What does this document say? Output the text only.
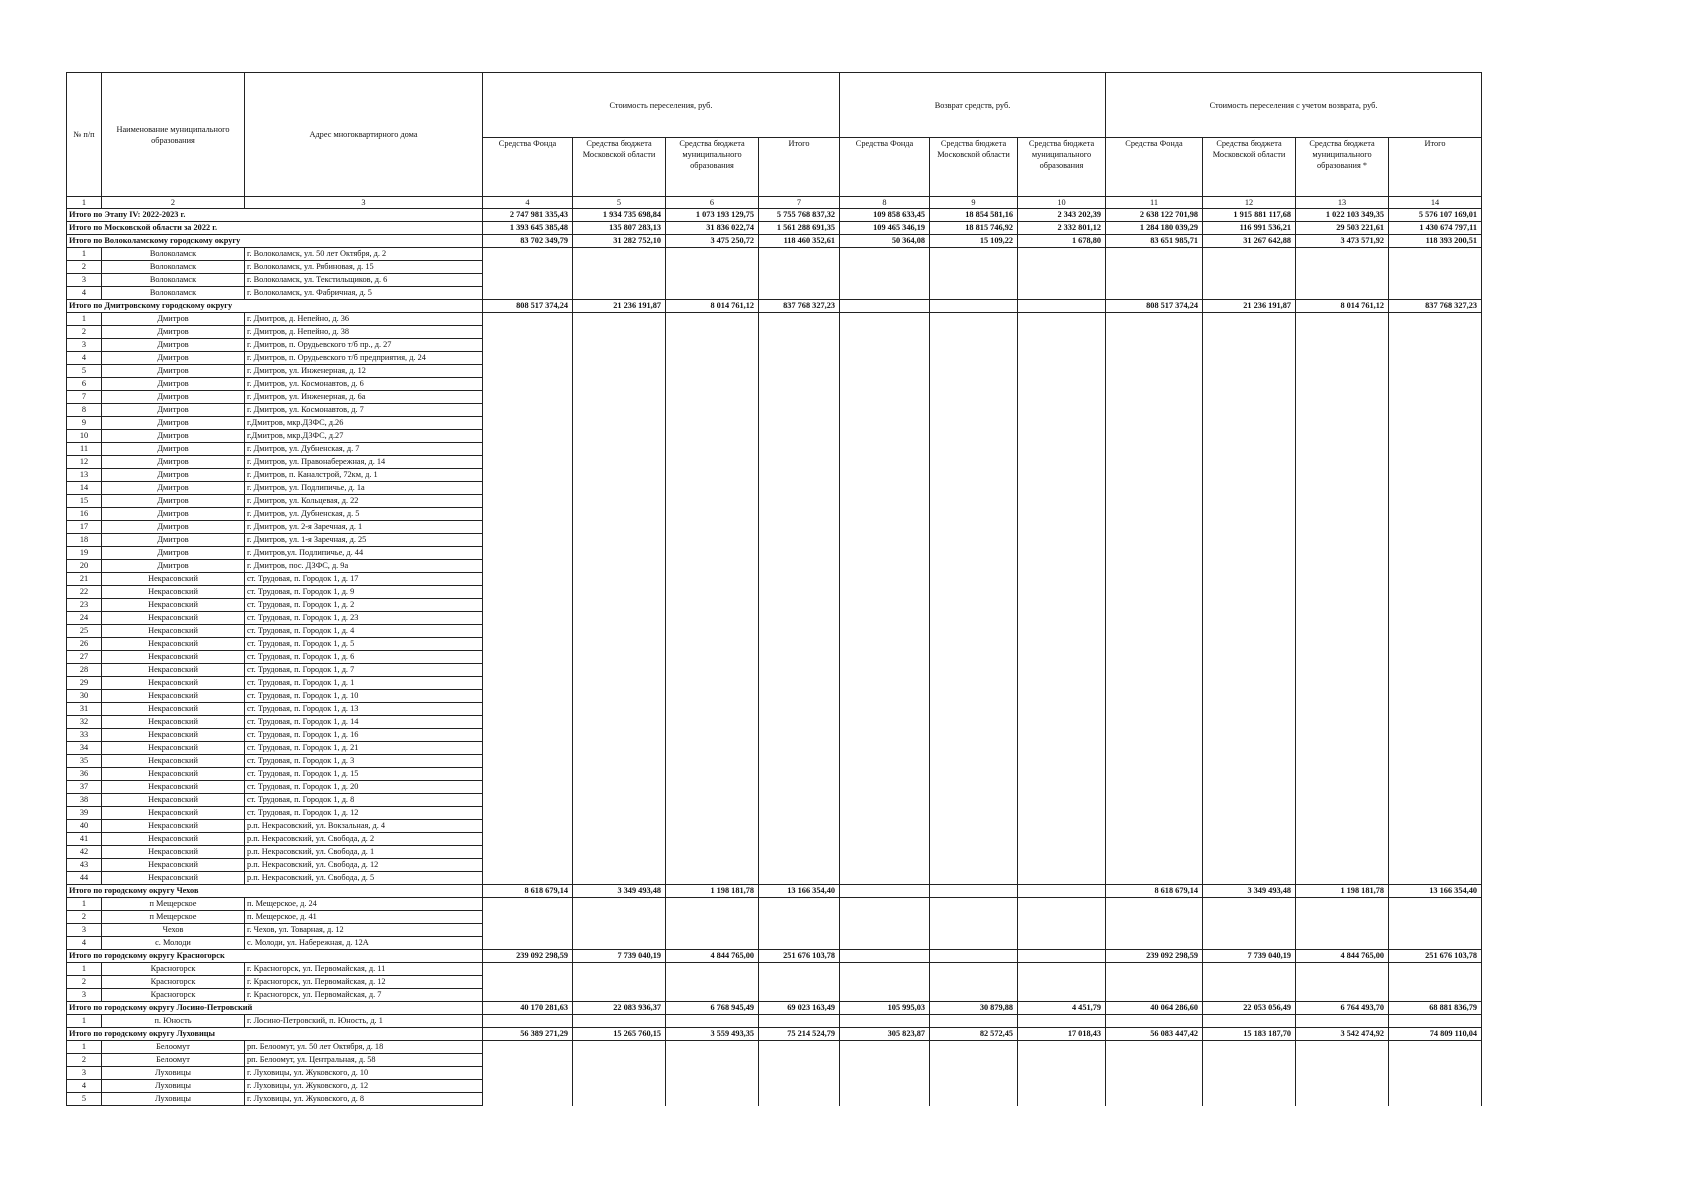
№ п/п	Наименование муниципального образования	Адрес многоквартирного дома	Стоимость переселения, руб.				Возврат средств, руб.			Стоимость переселения с учетом возврата, руб.			
			Средства Фонда	Средства бюджета Московской области	Средства бюджета муниципального образования	Итого	Средства Фонда	Средства бюджета Московской области	Средства бюджета муниципального образования	Средства Фонда	Средства бюджета Московской области	Средства бюджета муниципального образования *	Итого
1	2	3	4	5	6	7	8	9	10	11	12	13	14
Итого по Этапу IV: 2022-2023 г.			2 747 981 335,43	1 934 735 698,84	1 073 193 129,75	5 755 768 837,32	109 858 633,45	18 854 581,16	2 343 202,39	2 638 122 701,98	1 915 881 117,68	1 022 103 349,35	5 576 107 169,01
Итого по Московской области за 2022 г.			1 393 645 385,48	135 807 283,13	31 836 022,74	1 561 288 691,35	109 465 346,19	18 815 746,92	2 332 801,12	1 284 180 039,29	116 991 536,21	29 503 221,61	1 430 674 797,11
Итого по Волоколамскому городскому округу			83 702 349,79	31 282 752,10	3 475 250,72	118 460 352,61	50 364,08	15 109,22	1 678,80	83 651 985,71	31 267 642,88	3 473 571,92	118 393 200,51
1	Волоколамск	г. Волоколамск, ул. 50 лет Октября, д. 2											
2	Волоколамск	г. Волоколамск, ул. Рябиновая, д. 15											
3	Волоколамск	г. Волоколамск, ул. Текстильщиков, д. 6											
4	Волоколамск	г. Волоколамск, ул. Фабричная, д. 5											
Итого по Дмитровскому городскому округу			808 517 374,24	21 236 191,87	8 014 761,12	837 768 327,23				808 517 374,24	21 236 191,87	8 014 761,12	837 768 327,23
1	Дмитров	г. Дмитров, д. Непейно, д. 36											
2	Дмитров	г. Дмитров, д. Непейно, д. 38											
3	Дмитров	г. Дмитров, п. Орудьевского т/б пр., д. 27											
4	Дмитров	г. Дмитров, п. Орудьевского т/б предприятия, д. 24											
5	Дмитров	г. Дмитров, ул. Инженерная, д. 12											
6	Дмитров	г. Дмитров, ул. Космонавтов, д. 6											
7	Дмитров	г. Дмитров, ул. Инженерная, д. 6а											
8	Дмитров	г. Дмитров, ул. Космонавтов, д. 7											
9	Дмитров	г.Дмитров, мкр.ДЗФС, д.26											
10	Дмитров	г.Дмитров, мкр.ДЗФС, д.27											
11	Дмитров	г. Дмитров, ул. Дубненская, д. 7											
12	Дмитров	г. Дмитров, ул. Правонабережная, д. 14											
13	Дмитров	г. Дмитров, п. Каналстрой, 72км, д. 1											
14	Дмитров	г. Дмитров, ул. Подлипичье, д. 1а											
15	Дмитров	г. Дмитров, ул. Кольцевая, д. 22											
16	Дмитров	г. Дмитров, ул. Дубненская, д. 5											
17	Дмитров	г. Дмитров, ул. 2-я Заречная, д. 1											
18	Дмитров	г. Дмитров, ул. 1-я Заречная, д. 25											
19	Дмитров	г. Дмитров,ул. Подлипичье, д. 44											
20	Дмитров	г. Дмитров, пос. ДЗФС, д. 9а											
21	Некрасовский	ст. Трудовая, п. Городок 1, д. 17											
22	Некрасовский	ст. Трудовая, п. Городок 1, д. 9											
23	Некрасовский	ст. Трудовая, п. Городок 1, д. 2											
24	Некрасовский	ст. Трудовая, п. Городок 1, д. 23											
25	Некрасовский	ст. Трудовая, п. Городок 1, д. 4											
26	Некрасовский	ст. Трудовая, п. Городок 1, д. 5											
27	Некрасовский	ст. Трудовая, п. Городок 1, д. 6											
28	Некрасовский	ст. Трудовая, п. Городок 1, д. 7											
29	Некрасовский	ст. Трудовая, п. Городок 1, д. 1											
30	Некрасовский	ст. Трудовая, п. Городок 1, д. 10											
31	Некрасовский	ст. Трудовая, п. Городок 1, д. 13											
32	Некрасовский	ст. Трудовая, п. Городок 1, д. 14											
33	Некрасовский	ст. Трудовая, п. Городок 1, д. 16											
34	Некрасовский	ст. Трудовая, п. Городок 1, д. 21											
35	Некрасовский	ст. Трудовая, п. Городок 1, д. 3											
36	Некрасовский	ст. Трудовая, п. Городок 1, д. 15											
37	Некрасовский	ст. Трудовая, п. Городок 1, д. 20											
38	Некрасовский	ст. Трудовая, п. Городок 1, д. 8											
39	Некрасовский	ст. Трудовая, п. Городок 1, д. 12											
40	Некрасовский	р.п. Некрасовский, ул. Вокзальная, д. 4											
41	Некрасовский	р.п. Некрасовский, ул. Свобода, д. 2											
42	Некрасовский	р.п. Некрасовский, ул. Свобода, д. 1											
43	Некрасовский	р.п. Некрасовский, ул. Свобода, д. 12											
44	Некрасовский	р.п. Некрасовский, ул. Свобода, д. 5											
Итого по городскому округу Чехов			8 618 679,14	3 349 493,48	1 198 181,78	13 166 354,40				8 618 679,14	3 349 493,48	1 198 181,78	13 166 354,40
1	п Мещерское	п. Мещерское, д. 24											
2	п Мещерское	п. Мещерское, д. 41											
3	Чехов	г. Чехов, ул. Товарная, д. 12											
4	с. Молоди	с. Молоди, ул. Набережная, д. 12А											
Итого по городскому округу Красногорск			239 092 298,59	7 739 040,19	4 844 765,00	251 676 103,78				239 092 298,59	7 739 040,19	4 844 765,00	251 676 103,78
1	Красногорск	г. Красногорск, ул. Первомайская, д. 11											
2	Красногорск	г. Красногорск, ул. Первомайская, д. 12											
3	Красногорск	г. Красногорск, ул. Первомайская, д. 7											
Итого по городскому округу Лосино-Петровский			40 170 281,63	22 083 936,37	6 768 945,49	69 023 163,49	105 995,03	30 879,88	4 451,79	40 064 286,60	22 053 056,49	6 764 493,70	68 881 836,79
1	п. Юность	г. Лосино-Петровский, п. Юность, д. 1											
Итого по городскому округу Луховицы			56 389 271,29	15 265 760,15	3 559 493,35	75 214 524,79	305 823,87	82 572,45	17 018,43	56 083 447,42	15 183 187,70	3 542 474,92	74 809 110,04
1	Белоомут	рп. Белоомут, ул. 50 лет Октября, д. 18											
2	Белоомут	рп. Белоомут, ул. Центральная, д. 58											
3	Луховицы	г. Луховицы, ул. Жуковского, д. 10											
4	Луховицы	г. Луховицы, ул. Жуковского, д. 12											
5	Луховицы	г. Луховицы, ул. Жуковского, д. 8											
